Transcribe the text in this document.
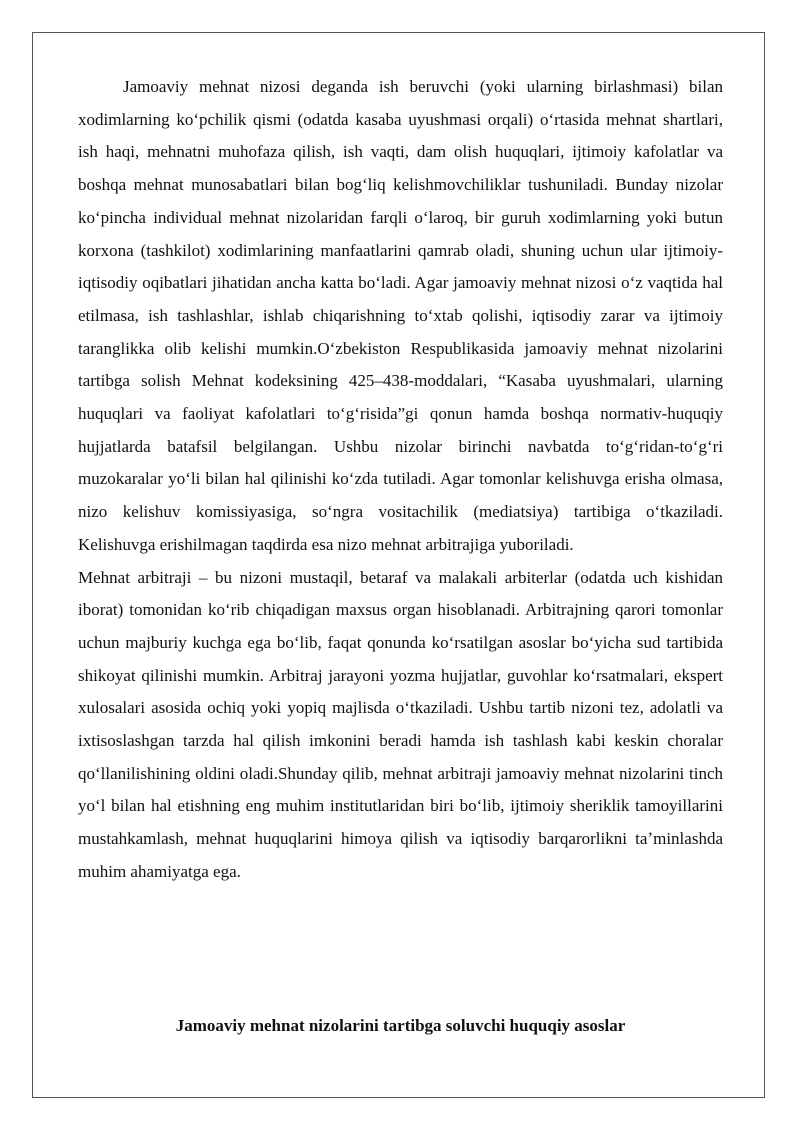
Jamoaviy mehnat nizosi deganda ish beruvchi (yoki ularning birlashmasi) bilan xodimlarning koʻpchilik qismi (odatda kasaba uyushmasi orqali) oʻrtasida mehnat shartlari, ish haqi, mehnatni muhofaza qilish, ish vaqti, dam olish huquqlari, ijtimoiy kafolatlar va boshqa mehnat munosabatlari bilan bogʻliq kelishmovchiliklar tushuniladi. Bunday nizolar koʻpincha individual mehnat nizolaridan farqli oʻlaroq, bir guruh xodimlarning yoki butun korxona (tashkilot) xodimlarining manfaatlarini qamrab oladi, shuning uchun ular ijtimoiy-iqtisodiy oqibatlari jihatidan ancha katta boʻladi. Agar jamoaviy mehnat nizosi oʻz vaqtida hal etilmasa, ish tashlashlar, ishlab chiqarishning toʻxtab qolishi, iqtisodiy zarar va ijtimoiy taranglikka olib kelishi mumkin.Oʻzbekiston Respublikasida jamoaviy mehnat nizolarini tartibga solish Mehnat kodeksining 425–438-moddalari, “Kasaba uyushmalari, ularning huquqlari va faoliyat kafolatlari toʻgʻrisida”gi qonun hamda boshqa normativ-huquqiy hujjatlarda batafsil belgilangan. Ushbu nizolar birinchi navbatda toʻgʻridan-toʻgʻri muzokaralar yoʻli bilan hal qilinishi koʻzda tutiladi. Agar tomonlar kelishuvga erisha olmasa, nizo kelishuv komissiyasiga, soʻngra vositachilik (mediatsiya) tartibiga oʻtkaziladi. Kelishuvga erishilmagan taqdirda esa nizo mehnat arbitrajiga yuboriladi.

Mehnat arbitraji – bu nizoni mustaqil, betaraf va malakali arbiterlar (odatda uch kishidan iborat) tomonidan koʻrib chiqadigan maxsus organ hisoblanadi. Arbitrajning qarori tomonlar uchun majburiy kuchga ega boʻlib, faqat qonunda koʻrsatilgan asoslar boʻyicha sud tartibida shikoyat qilinishi mumkin. Arbitraj jarayoni yozma hujjatlar, guvohlar koʻrsatmalari, ekspert xulosalari asosida ochiq yoki yopiq majlisda oʻtkaziladi. Ushbu tartib nizoni tez, adolatli va ixtisoslashgan tarzda hal qilish imkonini beradi hamda ish tashlash kabi keskin choralar qoʻllanilishining oldini oladi.Shunday qilib, mehnat arbitraji jamoaviy mehnat nizolarini tinch yoʻl bilan hal etishning eng muhim institutlaridan biri boʻlib, ijtimoiy sheriklik tamoyillarini mustahkamlash, mehnat huquqlarini himoya qilish va iqtisodiy barqarorlikni taʼminlashda muhim ahamiyatga ega.

Jamoaviy mehnat nizolarini tartibga soluvchi huquqiy asoslar
